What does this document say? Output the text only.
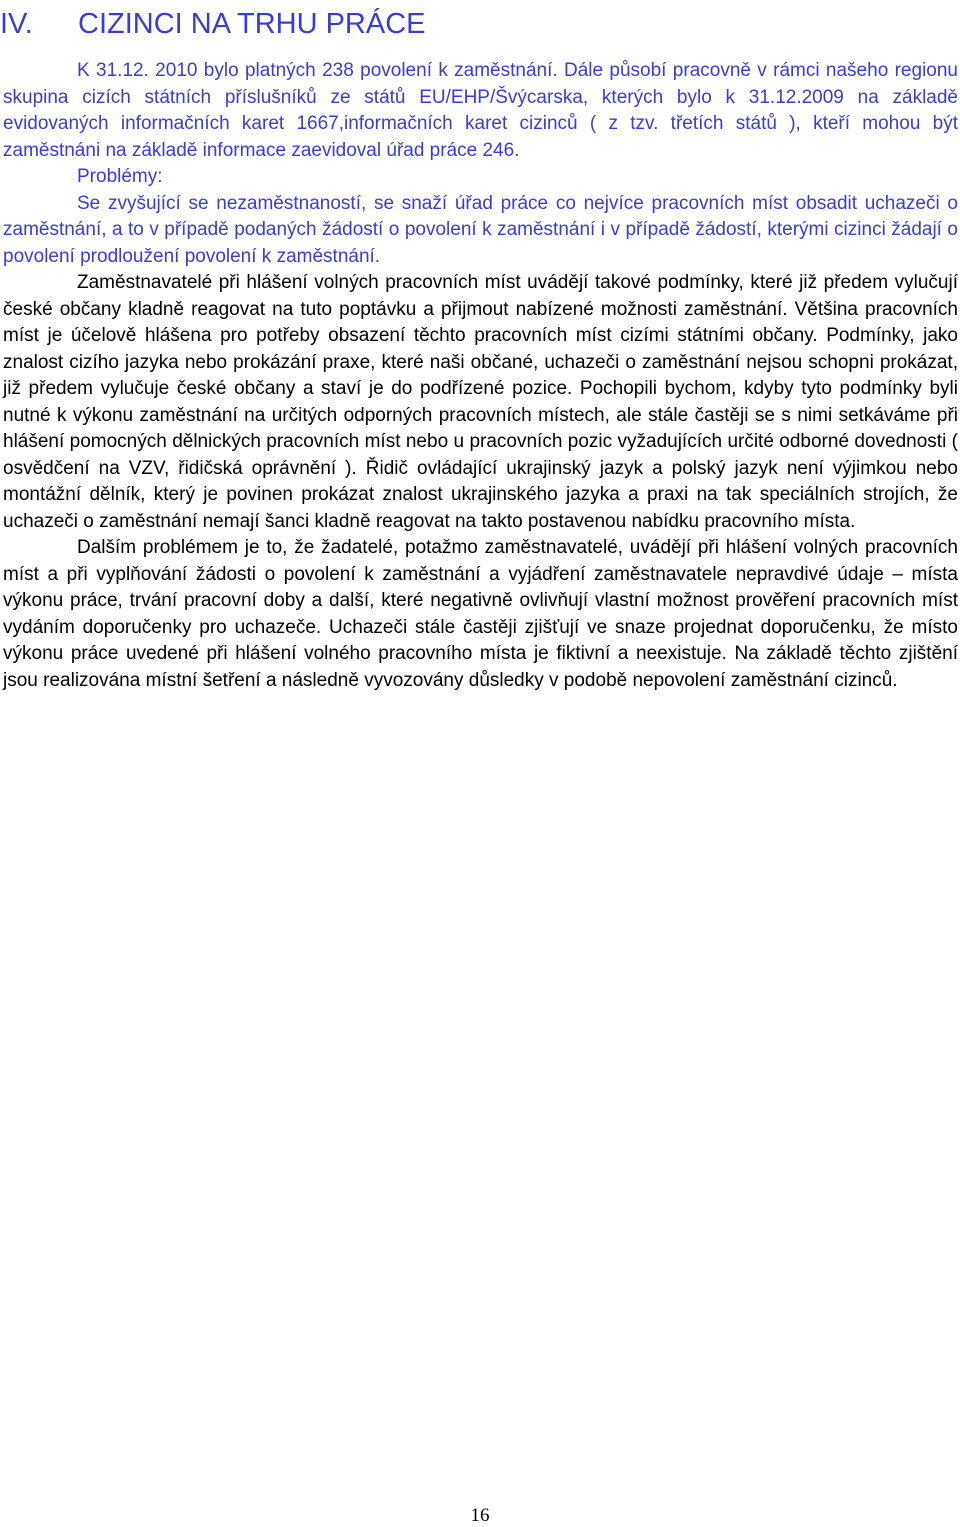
IV. CIZINCI NA TRHU PRÁCE

K 31.12. 2010 bylo platných 238 povolení k zaměstnání. Dále působí pracovně v rámci našeho regionu skupina cizích státních příslušníků ze států EU/EHP/Švýcarska, kterých bylo k 31.12.2009 na základě evidovaných informačních karet 1667,informačních karet cizinců ( z tzv. třetích států ), kteří mohou být zaměstnáni na základě informace zaevidoval úřad práce 246.

Problémy:

Se zvyšující se nezaměstnaností, se snaží úřad práce co nejvíce pracovních míst obsadit uchazeči o zaměstnání, a to v případě podaných žádostí o povolení k zaměstnání i v případě žádostí, kterými cizinci žádají o povolení prodloužení povolení k zaměstnání.

Zaměstnavatelé při hlášení volných pracovních míst uvádějí takové podmínky, které již předem vylučují české občany kladně reagovat na tuto poptávku a přijmout nabízené možnosti zaměstnání. Většina pracovních míst je účelově hlášena pro potřeby obsazení těchto pracovních míst cizími státními občany. Podmínky, jako znalost cizího jazyka nebo prokázání praxe, které naši občané, uchazeči o zaměstnání nejsou schopni prokázat, již předem vylučuje české občany a staví je do podřízené pozice. Pochopili bychom, kdyby tyto podmínky byli nutné k výkonu zaměstnání na určitých odporných pracovních místech, ale stále častěji se s nimi setkáváme při hlášení pomocných dělnických pracovních míst nebo u pracovních pozic vyžadujících určité odborné dovednosti ( osvědčení na VZV, řidičská oprávnění ). Řidič ovládající ukrajinský jazyk a polský jazyk není výjimkou nebo montážní dělník, který je povinen prokázat znalost ukrajinského jazyka a praxi na tak speciálních strojích, že uchazeči o zaměstnání nemají šanci kladně reagovat na takto postavenou nabídku pracovního místa.

Dalším problémem je to, že žadatelé, potažmo zaměstnavatelé, uvádějí při hlášení volných pracovních míst a při vyplňování žádosti o povolení k zaměstnání a vyjádření zaměstnavatele nepravdivé údaje – místa výkonu práce, trvání pracovní doby a další, které negativně ovlivňují vlastní možnost prověření pracovních míst vydáním doporučenky pro uchazeče. Uchazeči stále častěji zjišťují ve snaze projednat doporučenku, že místo výkonu práce uvedené při hlášení volného pracovního místa je fiktivní a neexistuje. Na základě těchto zjištění jsou realizována místní šetření a následně vyvozovány důsledky v podobě nepovolení zaměstnání cizinců.

16
